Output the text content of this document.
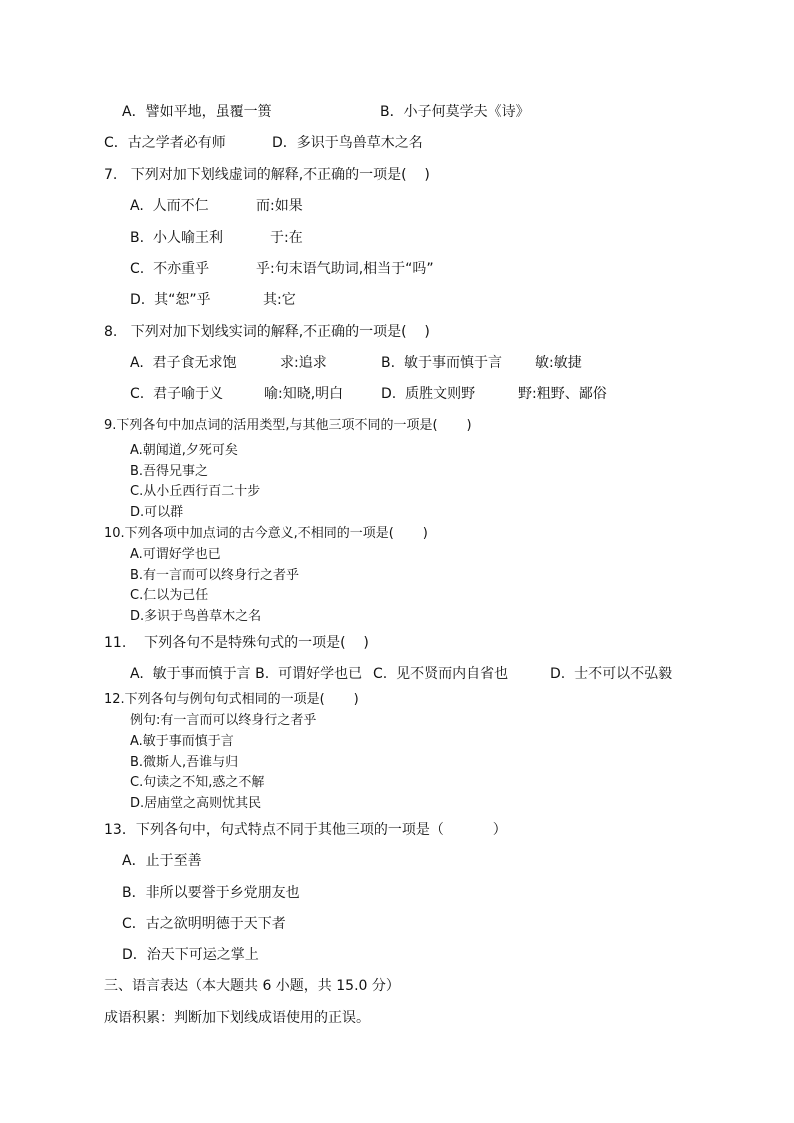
A．譬如平地，虽覆一篑	B．小子何莫学夫《诗》
C．古之学者必有师	D．多识于鸟兽草木之名
7.   下列对加下划线虚词的解释,不正确的一项是(    )
A.  人而不仁	而:如果
B.  小人喻王利	于:在
C.  不亦重乎	乎:句末语气助词,相当于“吗”
D.  其“恕”乎	其:它
8.   下列对加下划线实词的解释,不正确的一项是(    )
A.  君子食无求饱	求:追求	B.  敏于事而慎于言 敏:敏捷
C.  君子喻于义	喻:知晓,明白	D.  质胜文则野	野:粗野、鄙俗
9.下列各句中加点词的活用类型,与其他三项不同的一项是(       )
A.朝闻道,夕死可矣
B.吾得兄事之
C.从小丘西行百二十步
D.可以群
10.下列各项中加点词的古今意义,不相同的一项是(       )
A.可谓好学也已
B.有一言而可以终身行之者乎
C.仁以为己任
D.多识于鸟兽草木之名
11.    下列各句不是特殊句式的一项是(    )
A.  敏于事而慎于言 B.  可谓好学也已 C.  见不贤而内自省也	D.  士不可以不弘毅
12.下列各句与例句句式相同的一项是(       )
例句:有一言而可以终身行之者乎
A.敏于事而慎于言
B.微斯人,吾谁与归
C.句读之不知,惑之不解
D.居庙堂之高则忧其民
13．下列各句中，句式特点不同于其他三项的一项是（           ）
A．止于至善
B．非所以要誉于乡党朋友也
C．古之欲明明德于天下者
D．治天下可运之掌上
三、语言表达（本大题共 6 小题，共 15.0 分）
成语积累：判断加下划线成语使用的正误。
